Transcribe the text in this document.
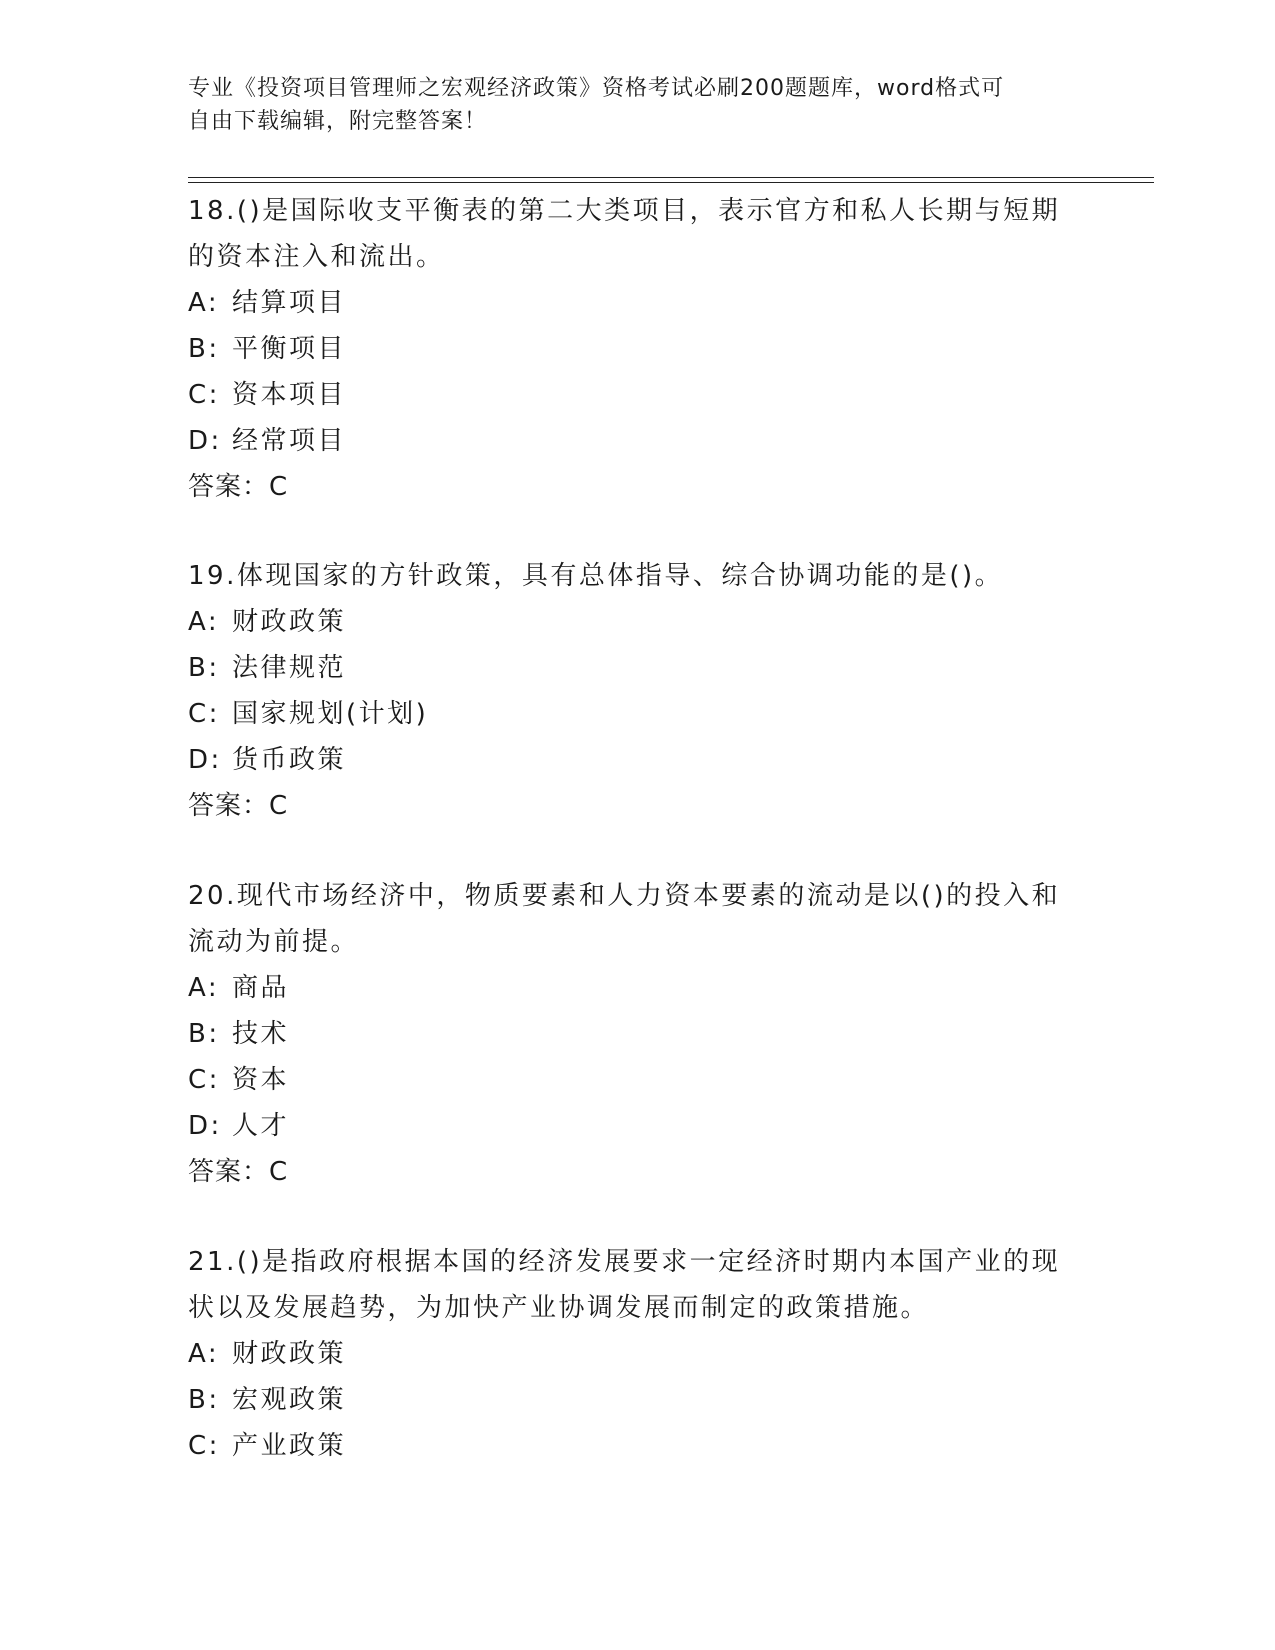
专业《投资项目管理师之宏观经济政策》资格考试必刷200题题库，word格式可
自由下载编辑，附完整答案！
18.()是国际收支平衡表的第二大类项目，表示官方和私人长期与短期
的资本注入和流出。
A: 结算项目
B: 平衡项目
C: 资本项目
D: 经常项目
答案：C
19.体现国家的方针政策，具有总体指导、综合协调功能的是()。
A: 财政政策
B: 法律规范
C: 国家规划(计划)
D: 货币政策
答案：C
20.现代市场经济中，物质要素和人力资本要素的流动是以()的投入和
流动为前提。
A: 商品
B: 技术
C: 资本
D: 人才
答案：C
21.()是指政府根据本国的经济发展要求一定经济时期内本国产业的现
状以及发展趋势，为加快产业协调发展而制定的政策措施。
A: 财政政策
B: 宏观政策
C: 产业政策
